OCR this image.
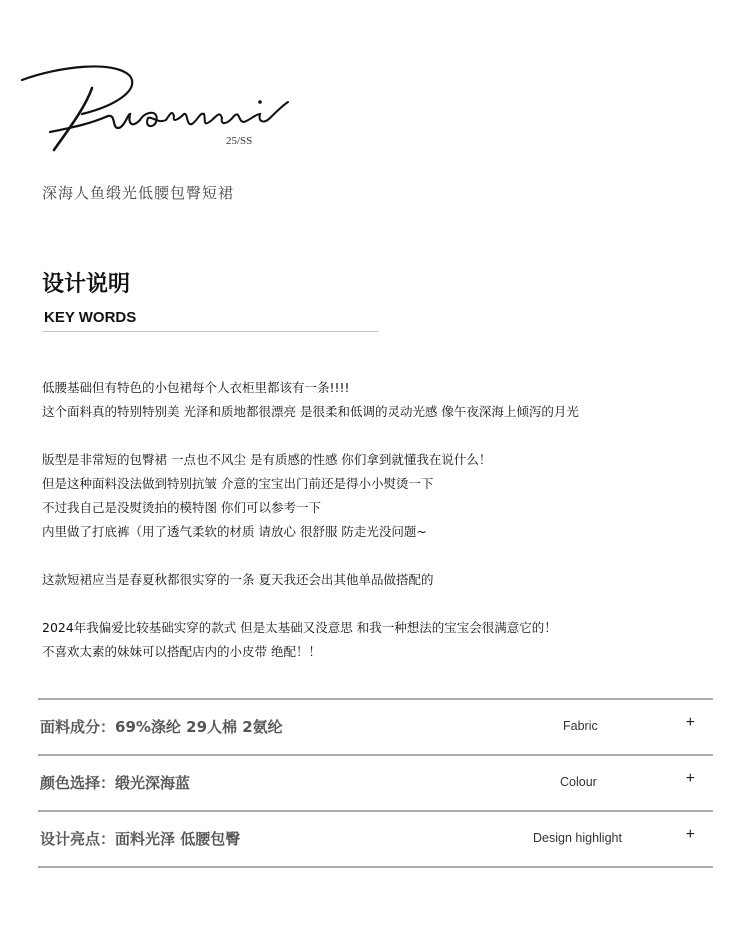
25/SS
深海人鱼缎光低腰包臀短裙
设计说明
KEY WORDS
低腰基础但有特色的小包裙每个人衣柜里都该有一条!!!!
这个面料真的特别特别美 光泽和质地都很漂亮 是很柔和低调的灵动光感 像午夜深海上倾泻的月光
版型是非常短的包臀裙 一点也不风尘 是有质感的性感 你们拿到就懂我在说什么！
但是这种面料没法做到特别抗皱 介意的宝宝出门前还是得小小熨烫一下
不过我自己是没熨烫拍的模特图 你们可以参考一下
内里做了打底裤（用了透气柔软的材质 请放心 很舒服 防走光没问题~
这款短裙应当是春夏秋都很实穿的一条 夏天我还会出其他单品做搭配的
2024年我偏爱比较基础实穿的款式 但是太基础又没意思 和我一种想法的宝宝会很满意它的！
不喜欢太素的妹妹可以搭配店内的小皮带 绝配！！
面料成分：69%涤纶 29人棉 2氨纶	Fabric	+
颜色选择：缎光深海蓝	Colour	+
设计亮点：面料光泽 低腰包臀	Design highlight	+
